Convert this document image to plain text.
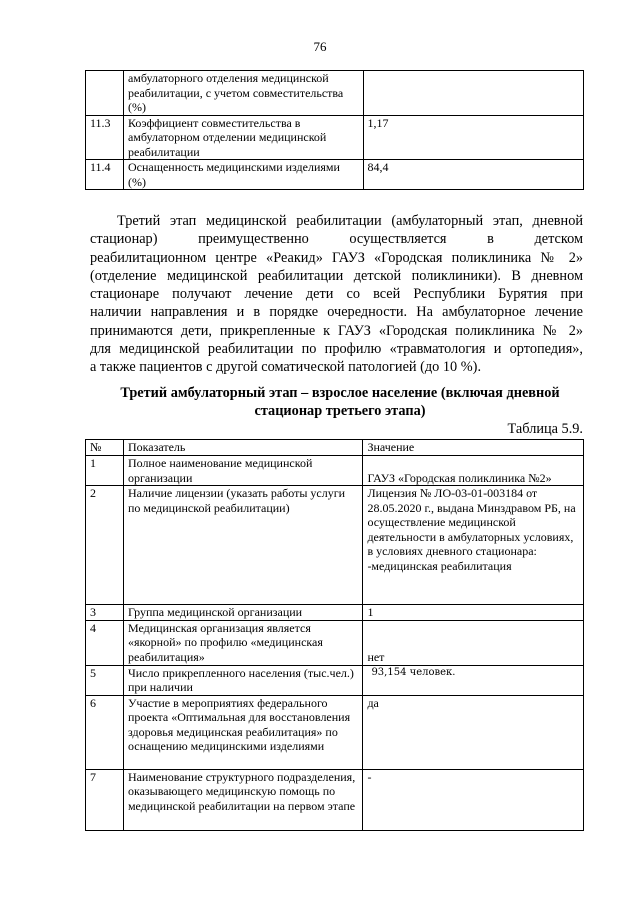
76
	амбулаторного отделения медицинской реабилитации, с учетом совместительства (%)	
11.3	Коэффициент совместительства в амбулаторном отделении медицинской реабилитации	1,17
11.4	Оснащенность медицинскими изделиями (%)	84,4
Третий этап медицинской реабилитации (амбулаторный этап, дневной
стационар) преимущественно осуществляется в детском
реабилитационном центре «Реакид» ГАУЗ «Городская поликлиника № 2»
(отделение медицинской реабилитации детской поликлиники). В дневном
стационаре получают лечение дети со всей Республики Бурятия при
наличии направления и в порядке очередности. На амбулаторное лечение
принимаются дети, прикрепленные к ГАУЗ «Городская поликлиника № 2»
для медицинской реабилитации по профилю «травматология и ортопедия»,
а также пациентов с другой соматической патологией (до 10 %).

Третий амбулаторный этап – взрослое население (включая дневной стационар третьего этапа)

Таблица 5.9.

№	Показатель	Значение
1	Полное наименование медицинской организации	ГАУЗ «Городская поликлиника №2»
2	Наличие лицензии (указать работы услуги по медицинской реабилитации)	Лицензия № ЛО-03-01-003184 от 28.05.2020 г., выдана Минздравом РБ, на осуществление медицинской деятельности в амбулаторных условиях, в условиях дневного стационара:
-медицинская реабилитация
3	Группа медицинской организации	1
4	Медицинская организация является «якорной» по профилю «медицинская реабилитация»	нет
5	Число прикрепленного населения (тыс.чел.) при наличии	93,154 человек.
6	Участие в мероприятиях федерального проекта «Оптимальная для восстановления здоровья медицинская реабилитация» по оснащению медицинскими изделиями	да
7	Наименование структурного подразделения, оказывающего медицинскую помощь по медицинской реабилитации на первом этапе	-
